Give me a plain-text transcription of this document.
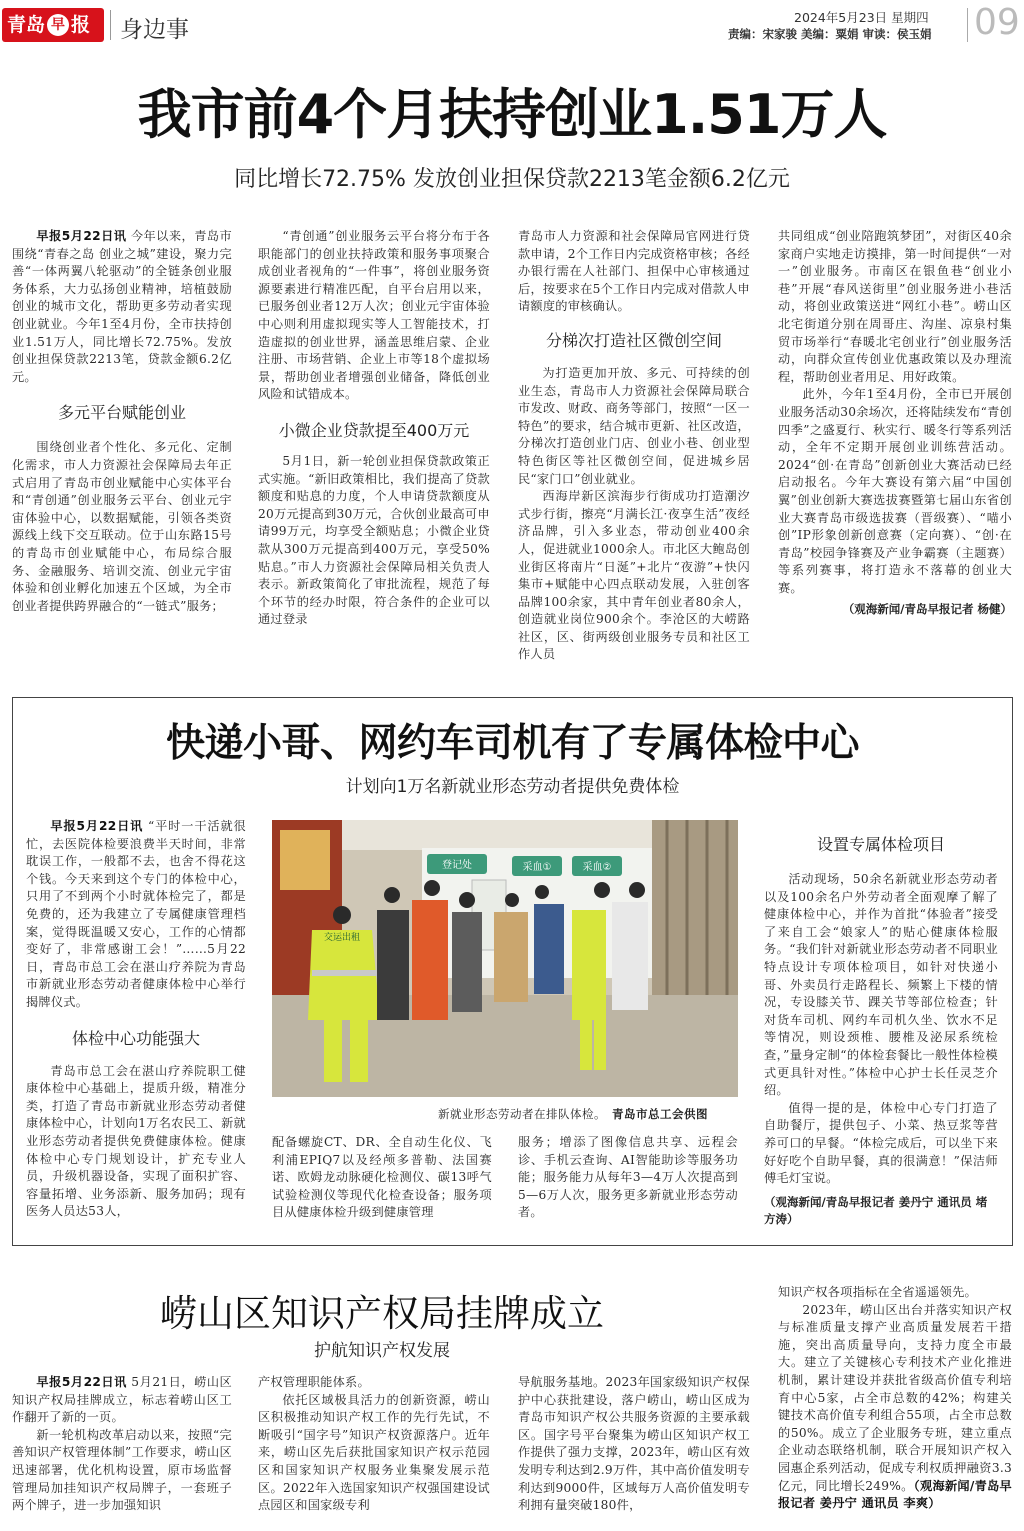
青岛 早 报	身边事	2024年5月23日 星期四
责编：宋家骏 美编：粟娟 审读：侯玉娟 09
我市前4个月扶持创业1.51万人
同比增长72.75% 发放创业担保贷款2213笔金额6.2亿元

早报5月22日讯 今年以来，青岛市围绕“青春之岛 创业之城”建设，聚力完善“一体两翼八轮驱动”的全链条创业服务体系，大力弘扬创业精神，培植鼓励创业的城市文化，帮助更多劳动者实现创业就业。今年1至4月份，全市扶持创业1.51万人，同比增长72.75%。发放创业担保贷款2213笔，贷款金额6.2亿元。

多元平台赋能创业

围绕创业者个性化、多元化、定制化需求，市人力资源社会保障局去年正式启用了青岛市创业赋能中心实体平台和“青创通”创业服务云平台、创业元宇宙体验中心，以数据赋能，引领各类资源线上线下交互联动。位于山东路15号的青岛市创业赋能中心，布局综合服务、金融服务、培训交流、创业元宇宙体验和创业孵化加速五个区域，为全市创业者提供跨界融合的“一链式”服务；

“青创通”创业服务云平台将分布于各职能部门的创业扶持政策和服务事项聚合成创业者视角的“一件事”，将创业服务资源要素进行精准匹配，自平台启用以来，已服务创业者12万人次；创业元宇宙体验中心则利用虚拟现实等人工智能技术，打造虚拟的创业世界，涵盖思维启蒙、企业注册、市场营销、企业上市等18个虚拟场景，帮助创业者增强创业储备，降低创业风险和试错成本。

小微企业贷款提至400万元

5月1日，新一轮创业担保贷款政策正式实施。“新旧政策相比，我们提高了贷款额度和贴息的力度，个人申请贷款额度从20万元提高到30万元，合伙创业最高可申请99万元，均享受全额贴息；小微企业贷款从300万元提高到400万元，享受50%贴息。”市人力资源社会保障局相关负责人表示。新政策简化了审批流程，规范了每个环节的经办时限，符合条件的企业可以通过登录

青岛市人力资源和社会保障局官网进行贷款申请，2个工作日内完成资格审核；各经办银行需在人社部门、担保中心审核通过后，按要求在5个工作日内完成对借款人申请额度的审核确认。

分梯次打造社区微创空间

为打造更加开放、多元、可持续的创业生态，青岛市人力资源社会保障局联合市发改、财政、商务等部门，按照“一区一特色”的要求，结合城市更新、社区改造，分梯次打造创业门店、创业小巷、创业型特色街区等社区微创空间，促进城乡居民“家门口”创业就业。

西海岸新区滨海步行街成功打造潮汐式步行街，擦亮“月满长江·夜享生活”夜经济品牌，引入多业态，带动创业400余人，促进就业1000余人。市北区大鲍岛创业街区将南片“日涎”+北片“夜游”+快闪集市+赋能中心四点联动发展，入驻创客品牌100余家，其中青年创业者80余人，创造就业岗位900余个。李沧区的大崂路社区，区、街两级创业服务专员和社区工作人员

共同组成“创业陪跑筑梦团”，对街区40余家商户实地走访摸排，第一时间提供“一对一”创业服务。市南区在银鱼巷“创业小巷”开展“春风送街里”创业服务进小巷活动，将创业政策送进“网红小巷”。崂山区北宅街道分别在周哥庄、沟崖、凉泉村集贸市场举行“春暖北宅创业行”创业服务活动，向群众宣传创业优惠政策以及办理流程，帮助创业者用足、用好政策。

此外，今年1至4月份，全市已开展创业服务活动30余场次，还将陆续发布“青创四季”之盛夏行、秋实行、暖冬行等系列活动，全年不定期开展创业训练营活动。2024“创·在青岛”创新创业大赛活动已经启动报名。今年大赛设有第六届“中国创翼”创业创新大赛选拔赛暨第七届山东省创业大赛青岛市级选拔赛（晋级赛）、“喵小创”IP形象创新创意赛（定向赛）、“创·在青岛”校园争锋赛及产业争霸赛（主题赛）等系列赛事，将打造永不落幕的创业大赛。

（观海新闻/青岛早报记者 杨健）
快递小哥、网约车司机有了专属体检中心
计划向1万名新就业形态劳动者提供免费体检

早报5月22日讯 “平时一干活就很忙，去医院体检要浪费半天时间，非常耽误工作，一般都不去，也舍不得花这个钱。今天来到这个专门的体检中心，只用了不到两个小时就体检完了，都是免费的，还为我建立了专属健康管理档案，觉得既温暖又安心，工作的心情都变好了，非常感谢工会！”……5月22日，青岛市总工会在湛山疗养院为青岛市新就业形态劳动者健康体检中心举行揭牌仪式。

体检中心功能强大

青岛市总工会在湛山疗养院职工健康体检中心基础上，提质升级，精准分类，打造了青岛市新就业形态劳动者健康体检中心，计划向1万名农民工、新就业形态劳动者提供免费健康体检。健康体检中心专门规划设计，扩充专业人员，升级机器设备，实现了面积扩容、容量拓增、业务添新、服务加码；现有医务人员达53人，

登记处	采血①	采血②
交运出租
新就业形态劳动者在排队体检。 青岛市总工会供图

配备螺旋CT、DR、全自动生化仪、飞利浦EPIQ7以及经颅多普勒、法国赛诺、欧姆龙动脉硬化检测仪、碳13呼气试验检测仪等现代化检查设备；服务项目从健康体检升级到健康管理

服务；增添了图像信息共享、远程会诊、手机云查询、AI智能助诊等服务功能；服务能力从每年3—4万人次提高到5—6万人次，服务更多新就业形态劳动者。

设置专属体检项目

活动现场，50余名新就业形态劳动者以及100余名户外劳动者全面观摩了解了健康体检中心，并作为首批“体验者”接受了来自工会“娘家人”的贴心健康体检服务。“我们针对新就业形态劳动者不同职业特点设计专项体检项目，如针对快递小哥、外卖员行走路程长、频繁上下楼的情况，专设膝关节、踝关节等部位检查；针对货车司机、网约车司机久坐、饮水不足等情况，则设颈椎、腰椎及泌尿系统检查，”量身定制“的体检套餐比一般性体检模式更具针对性。”体检中心护士长任灵芝介绍。

值得一提的是，体检中心专门打造了自助餐厅，提供包子、小菜、热豆浆等营养可口的早餐。“体检完成后，可以坐下来好好吃个自助早餐，真的很满意！”保洁师傅毛灯宝说。

（观海新闻/青岛早报记者 姜丹宁 通讯员 堵方涛）
崂山区知识产权局挂牌成立
护航知识产权发展

早报5月22日讯 5月21日，崂山区知识产权局挂牌成立，标志着崂山区工作翻开了新的一页。

新一轮机构改革启动以来，按照“完善知识产权管理体制”工作要求，崂山区迅速部署，优化机构设置，原市场监督管理局加挂知识产权局牌子，一套班子两个牌子，进一步加强知识

产权管理职能体系。

依托区域极具活力的创新资源，崂山区积极推动知识产权工作的先行先试，不断吸引“国字号”知识产权资源落户。近年来，崂山区先后获批国家知识产权示范园区和国家知识产权服务业集聚发展示范区。2022年入选国家知识产权强国建设试点园区和国家级专利

导航服务基地。2023年国家级知识产权保护中心获批建设，落户崂山，崂山区成为青岛市知识产权公共服务资源的主要承载区。国字号平台聚集为崂山区知识产权工作提供了强力支撑，2023年，崂山区有效发明专利达到2.9万件，其中高价值发明专利达到9000件，区域每万人高价值发明专利拥有量突破180件，

知识产权各项指标在全省遥遥领先。

2023年，崂山区出台并落实知识产权与标准质量支撑产业高质量发展若干措施，突出高质量导向，支持力度全市最大。建立了关键核心专利技术产业化推进机制，累计建设并获批省级高价值专利培育中心5家，占全市总数的42%；构建关键技术高价值专利组合55项，占全市总数的50%。成立了企业服务专班，建立重点企业动态联络机制，联合开展知识产权入园惠企系列活动，促成专利权质押融资3.3亿元，同比增长249%。（观海新闻/青岛早报记者 姜丹宁 通讯员 李爽）
